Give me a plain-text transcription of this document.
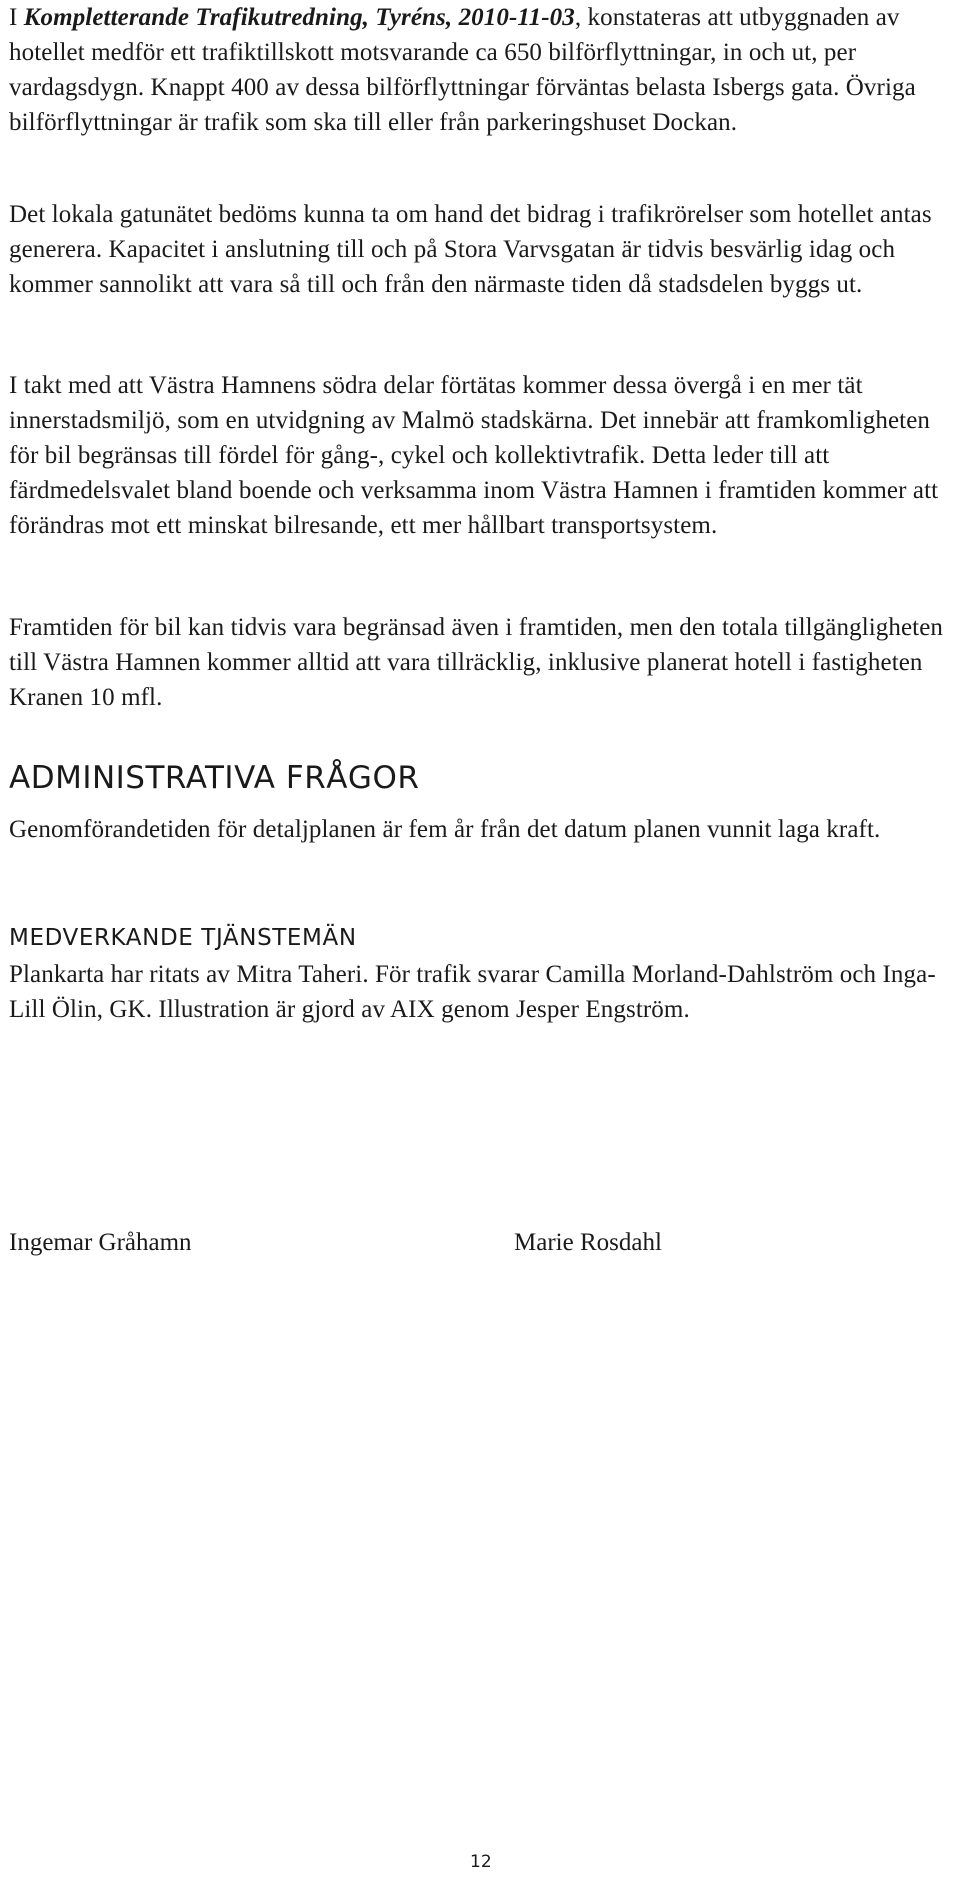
I Kompletterande Trafikutredning, Tyréns, 2010-11-03, konstateras att utbyggnaden av hotellet medför ett trafiktillskott motsvarande ca 650 bilförflyttningar, in och ut, per vardagsdygn. Knappt 400 av dessa bilförflyttningar förväntas belasta Isbergs gata. Övriga bilförflyttningar är trafik som ska till eller från parkeringshuset Dockan.

Det lokala gatunätet bedöms kunna ta om hand det bidrag i trafikrörelser som hotellet antas generera. Kapacitet i anslutning till och på Stora Varvsgatan är tidvis besvärlig idag och kommer sannolikt att vara så till och från den närmaste tiden då stadsdelen byggs ut.

I takt med att Västra Hamnens södra delar förtätas kommer dessa övergå i en mer tät innerstadsmiljö, som en utvidgning av Malmö stadskärna. Det innebär att framkomligheten för bil begränsas till fördel för gång-, cykel och kollektivtrafik. Detta leder till att färdmedelsvalet bland boende och verksamma inom Västra Hamnen i framtiden kommer att förändras mot ett minskat bilresande, ett mer hållbart transportsystem.

Framtiden för bil kan tidvis vara begränsad även i framtiden, men den totala tillgängligheten till Västra Hamnen kommer alltid att vara tillräcklig, inklusive planerat hotell i fastigheten Kranen 10 mfl.

ADMINISTRATIVA FRÅGOR

Genomförandetiden för detaljplanen är fem år från det datum planen vunnit laga kraft.

MEDVERKANDE TJÄNSTEMÄN

Plankarta har ritats av Mitra Taheri. För trafik svarar Camilla Morland-Dahlström och Inga-Lill Ölin, GK. Illustration är gjord av AIX genom Jesper Engström.

Ingemar Gråhamn	Marie Rosdahl
12
